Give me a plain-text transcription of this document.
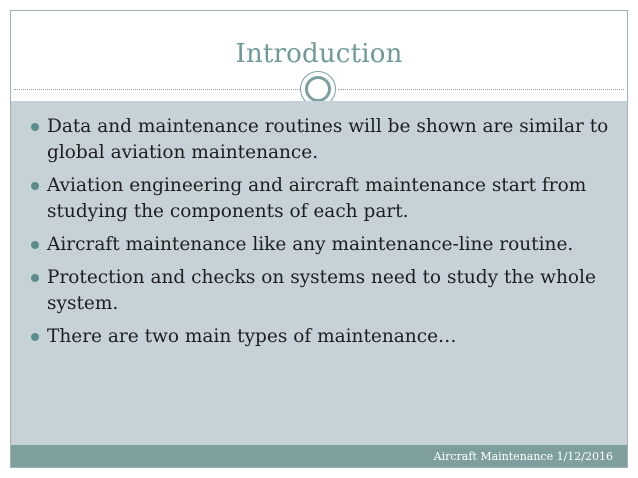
Introduction
Data and maintenance routines will be shown are similar to global aviation maintenance.
Aviation engineering and aircraft maintenance start from studying the components of each part.
Aircraft maintenance like any maintenance-line routine.
Protection and checks on systems need to study the whole system.
There are two main types of maintenance…
Aircraft Maintenance 1/12/2016
